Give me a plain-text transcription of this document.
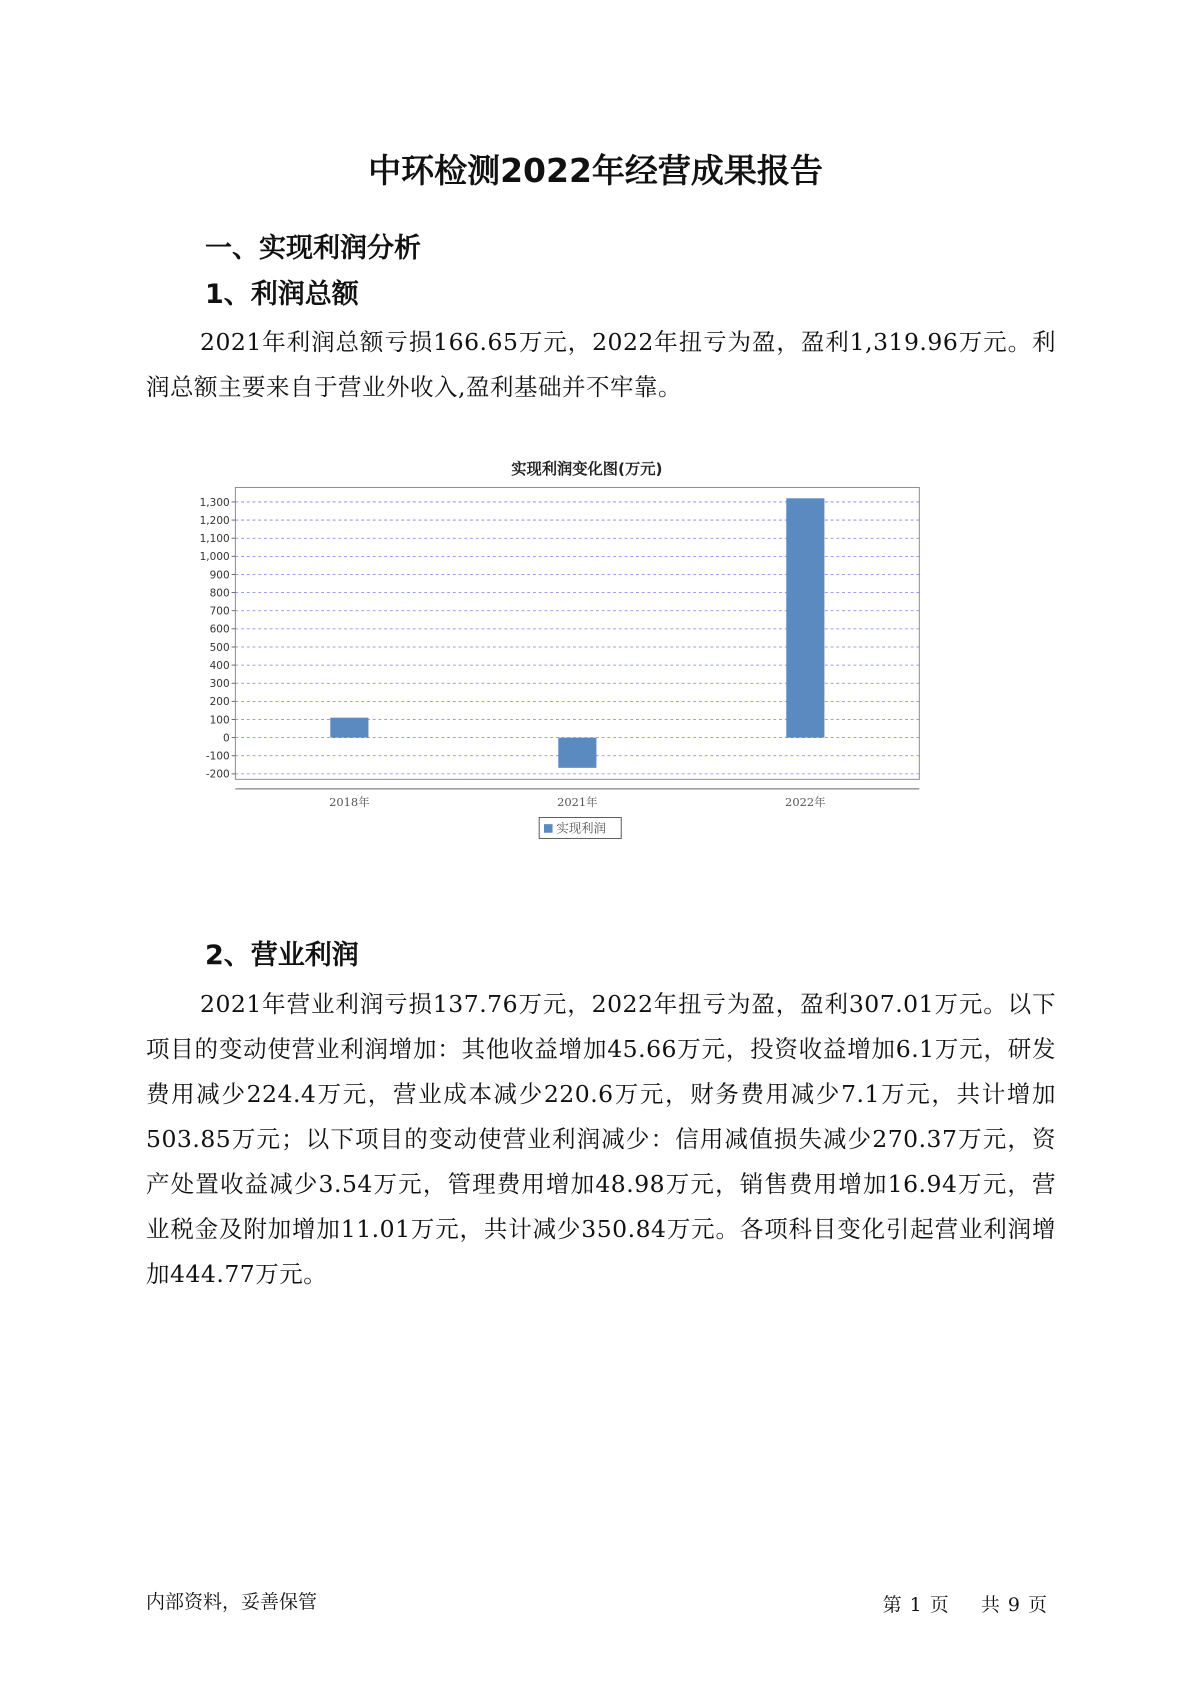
中环检测2022年经营成果报告
一、实现利润分析
1、利润总额

2021年利润总额亏损166.65万元，2022年扭亏为盈，盈利1,319.96万元。利润总额主要来自于营业外收入,盈利基础并不牢靠。

实现利润变化图(万元)
-200
-100
0
100
200
300
400
500
600
700
800
900
1,000
1,100
1,200
1,300
2018年	2021年	2022年
实现利润
2、营业利润

2021年营业利润亏损137.76万元，2022年扭亏为盈，盈利307.01万元。以下项目的变动使营业利润增加：其他收益增加45.66万元，投资收益增加6.1万元，研发费用减少224.4万元，营业成本减少220.6万元，财务费用减少7.1万元，共计增加503.85万元；以下项目的变动使营业利润减少：信用减值损失减少270.37万元，资产处置收益减少3.54万元，管理费用增加48.98万元，销售费用增加16.94万元，营业税金及附加增加11.01万元，共计减少350.84万元。各项科目变化引起营业利润增加444.77万元。

内部资料，妥善保管	第 1 页 共 9 页
